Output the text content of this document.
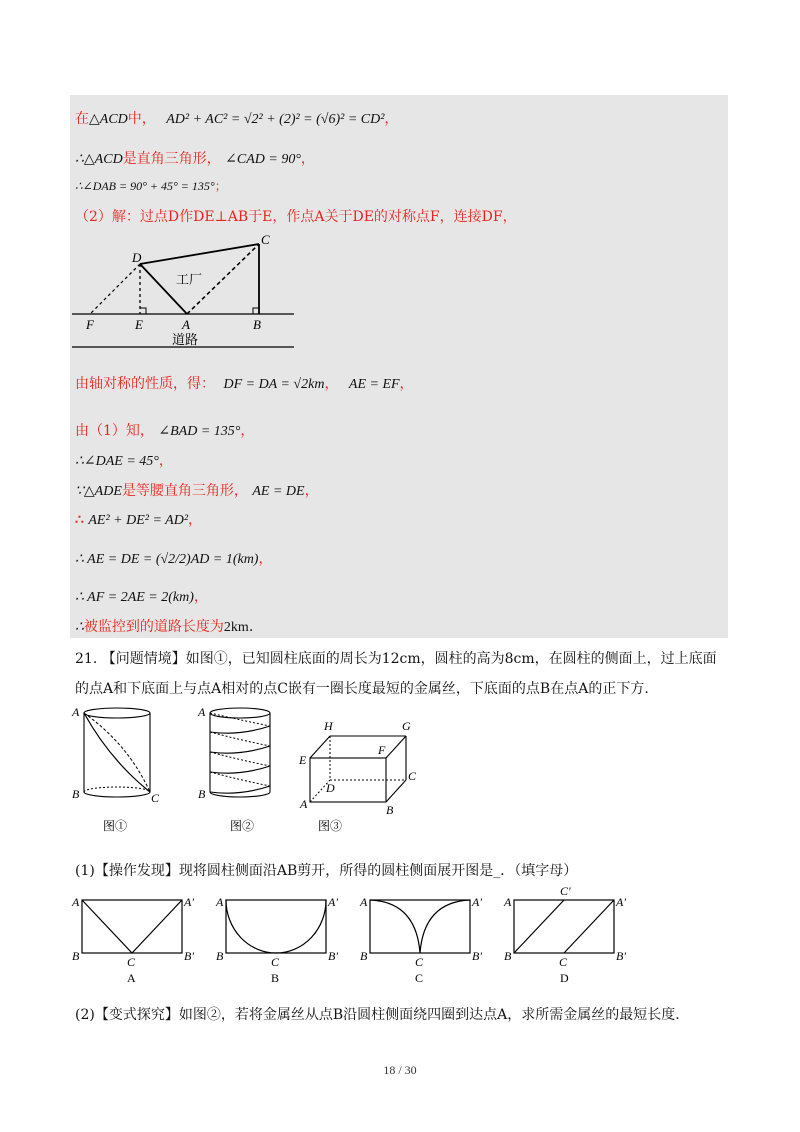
在△ACD中， AD² + AC² = √2² + (2)² = (√6)² = CD²，
∴△ACD是直角三角形， ∠CAD = 90°，
∴∠DAB = 90° + 45° = 135°；
（2）解：过点D作DE⊥AB于E，作点A关于DE的对称点F，连接DF，
D
C
F	E	A	B
工厂
道路
由轴对称的性质，得： DF = DA = √2km， AE = EF，
由（1）知， ∠BAD = 135°，
∴∠DAE = 45°，
∵△ADE是等腰直角三角形， AE = DE，
∴ AE² + DE² = AD²，
∴ AE = DE = (√2/2)AD = 1(km)，
∴ AF = 2AE = 2(km)，
∴被监控到的道路长度为2km.
21. 【问题情境】如图①，已知圆柱底面的周长为12cm，圆柱的高为8cm，在圆柱的侧面上，过上底面
的点A和下底面上与点A相对的点C嵌有一圈长度最短的金属丝，下底面的点B在点A的正下方.
A
B	C
图①
A
B
图②
H	G
E
F
D
C
A	B
图③
(1)【操作发现】现将圆柱侧面沿AB剪开，所得的圆柱侧面展开图是_．（填字母）
A	A'
B	C	B'
A
A	A'
B	C	B'
B
A	A'
B	C	B'
C
A	A'
C'
B	C	B'
D
(2)【变式探究】如图②，若将金属丝从点B沿圆柱侧面绕四圈到达点A，求所需金属丝的最短长度.
18 / 30
